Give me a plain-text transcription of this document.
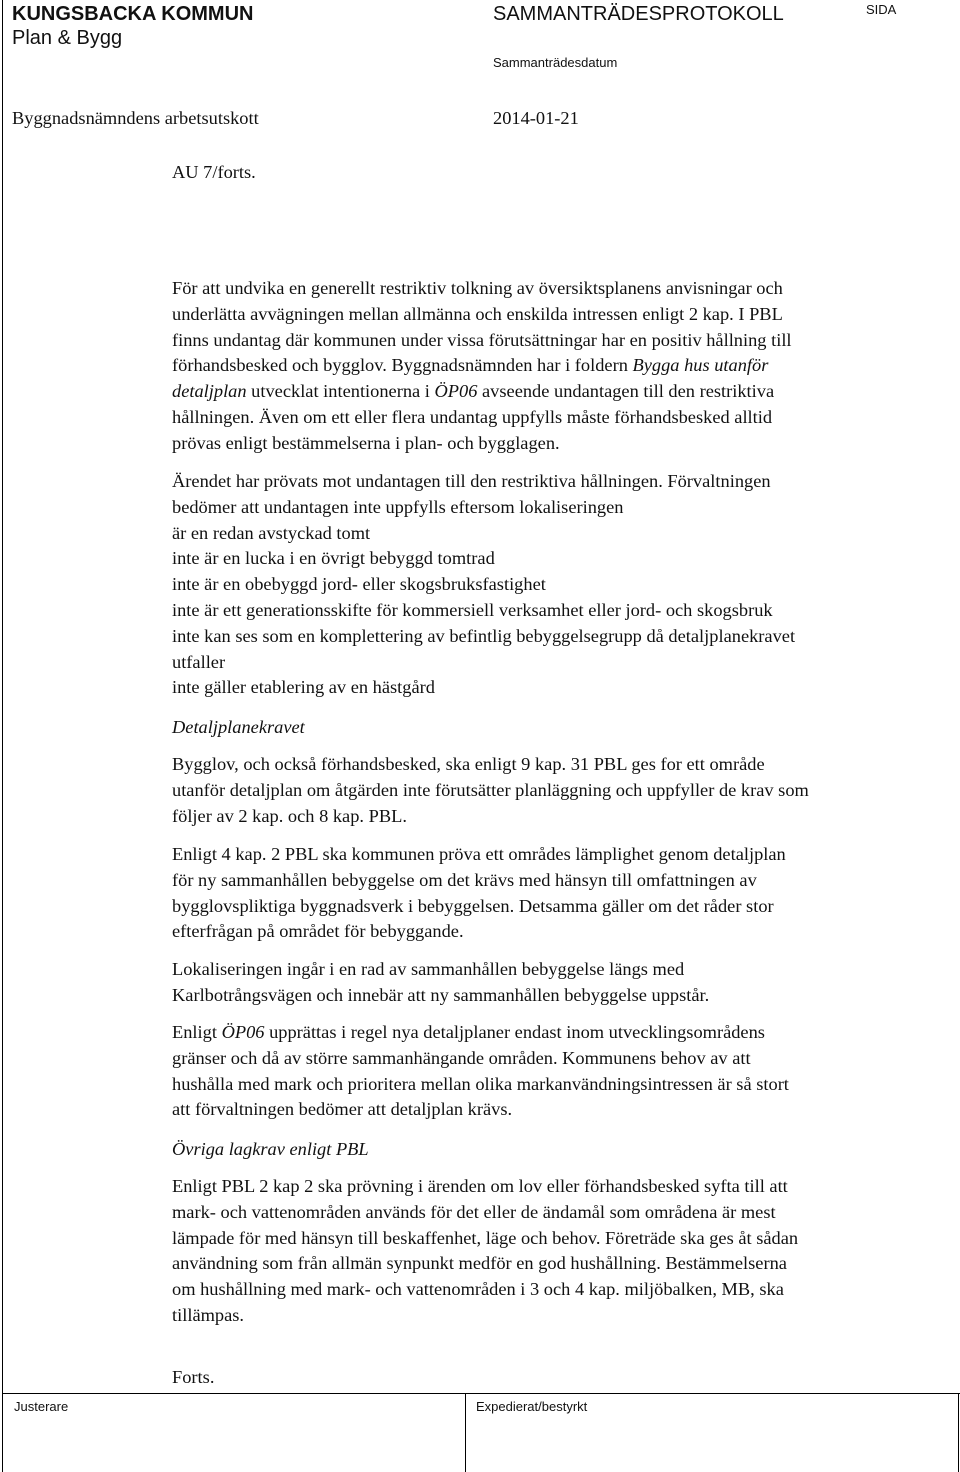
KUNGSBACKA KOMMUN
Plan & Bygg
SAMMANTRÄDESPROTOKOLL	SIDA
Sammanträdesdatum
Byggnadsnämndens arbetsutskott	2014-01-21
AU 7/forts.
För att undvika en generellt restriktiv tolkning av översiktsplanens anvisningar och
underlätta avvägningen mellan allmänna och enskilda intressen enligt 2 kap. I PBL
finns undantag där kommunen under vissa förutsättningar har en positiv hållning till
förhandsbesked och bygglov. Byggnadsnämnden har i foldern Bygga hus utanför
detaljplan utvecklat intentionerna i ÖP06 avseende undantagen till den restriktiva
hållningen. Även om ett eller flera undantag uppfylls måste förhandsbesked alltid
prövas enligt bestämmelserna i plan- och bygglagen.
Ärendet har prövats mot undantagen till den restriktiva hållningen. Förvaltningen
bedömer att undantagen inte uppfylls eftersom lokaliseringen
är en redan avstyckad tomt
inte är en lucka i en övrigt bebyggd tomtrad
inte är en obebyggd jord- eller skogsbruksfastighet
inte är ett generationsskifte för kommersiell verksamhet eller jord- och skogsbruk
inte kan ses som en komplettering av befintlig bebyggelsegrupp då detaljplanekravet
utfaller
inte gäller etablering av en hästgård
Detaljplanekravet
Bygglov, och också förhandsbesked, ska enligt 9 kap. 31 PBL ges for ett område
utanför detaljplan om åtgärden inte förutsätter planläggning och uppfyller de krav som
följer av 2 kap. och 8 kap. PBL.
Enligt 4 kap. 2 PBL ska kommunen pröva ett områdes lämplighet genom detaljplan
för ny sammanhållen bebyggelse om det krävs med hänsyn till omfattningen av
bygglovspliktiga byggnadsverk i bebyggelsen. Detsamma gäller om det råder stor
efterfrågan på området för bebyggande.
Lokaliseringen ingår i en rad av sammanhållen bebyggelse längs med
Karlbotrångsvägen och innebär att ny sammanhållen bebyggelse uppstår.
Enligt ÖP06 upprättas i regel nya detaljplaner endast inom utvecklingsområdens
gränser och då av större sammanhängande områden. Kommunens behov av att
hushålla med mark och prioritera mellan olika markanvändningsintressen är så stort
att förvaltningen bedömer att detaljplan krävs.
Övriga lagkrav enligt PBL
Enligt PBL 2 kap 2 ska prövning i ärenden om lov eller förhandsbesked syfta till att
mark- och vattenområden används för det eller de ändamål som områdena är mest
lämpade för med hänsyn till beskaffenhet, läge och behov. Företräde ska ges åt sådan
användning som från allmän synpunkt medför en god hushållning. Bestämmelserna
om hushållning med mark- och vattenområden i 3 och 4 kap. miljöbalken, MB, ska
tillämpas.
Forts.
Justerare	Expedierat/bestyrkt
